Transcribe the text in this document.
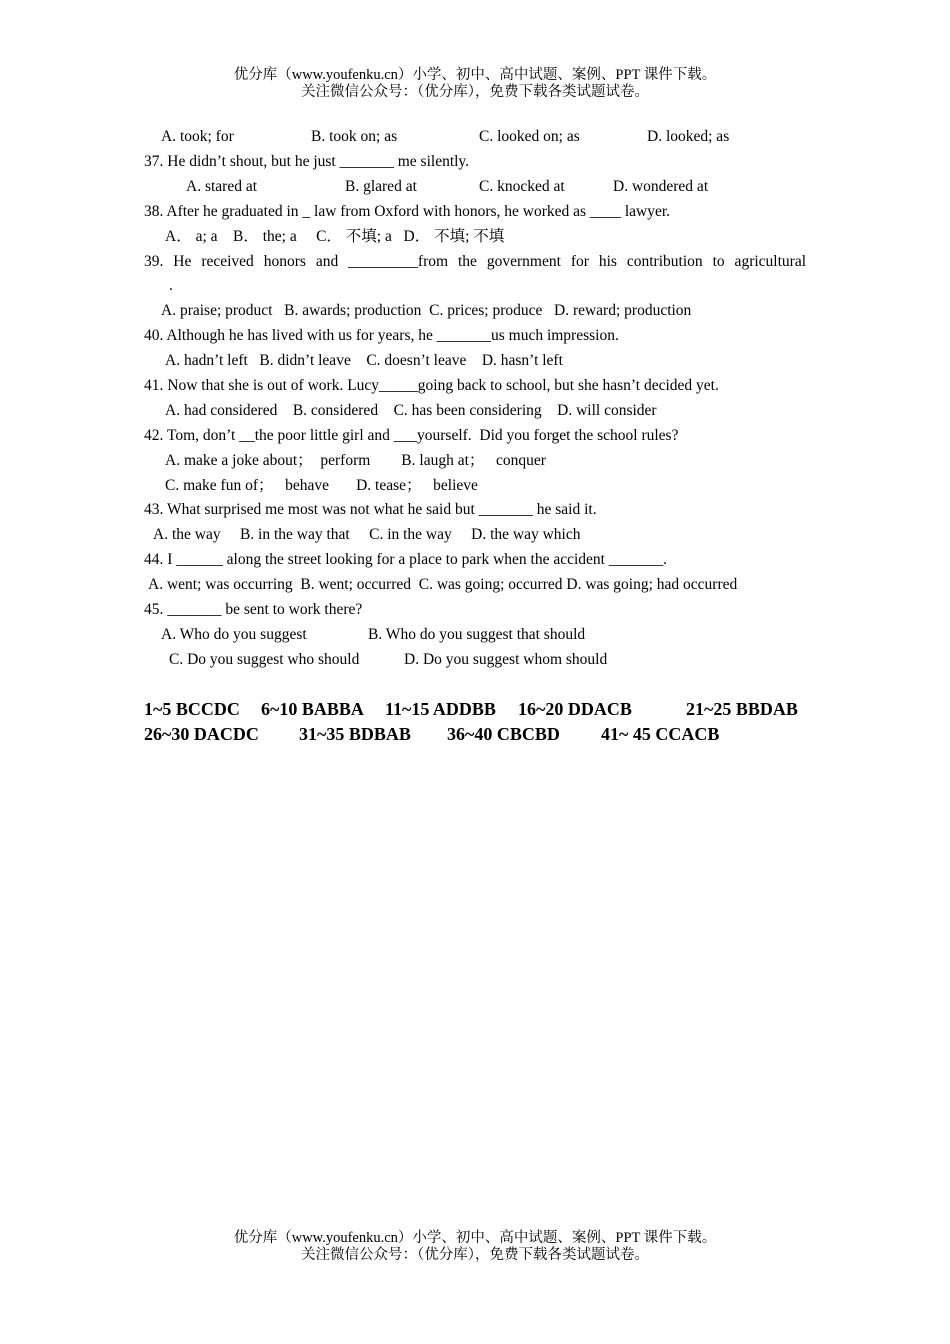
优分库（www.youfenku.cn）小学、初中、高中试题、案例、PPT 课件下载。
关注微信公众号：（优分库），免费下载各类试题试卷。
A. took; for	B. took on; as	C. looked on; as	D. looked; as
37. He didn’t shout, but he just _______ me silently.
A. stared at	B. glared at	C. knocked at	D. wondered at
38. After he graduated in _ law from Oxford with honors, he worked as ____ lawyer.
A． a; a    B． the; a     C． 不填; a   D． 不填; 不填
39. He received honors and _________from the government for his contribution to agricultural
.
A. praise; product   B. awards; production  C. prices; produce   D. reward; production
40. Although he has lived with us for years, he _______us much impression.
A. hadn’t left   B. didn’t leave    C. doesn’t leave    D. hasn’t left
41. Now that she is out of work. Lucy_____going back to school, but she hasn’t decided yet.
A. had considered    B. considered    C. has been considering    D. will consider
42. Tom, don’t __the poor little girl and ___yourself.  Did you forget the school rules?
A. make a joke about；  perform        B. laugh at；   conquer
C. make fun of；   behave       D. tease；   believe
43. What surprised me most was not what he said but _______ he said it.
A. the way     B. in the way that     C. in the way     D. the way which
44. I ______ along the street looking for a place to park when the accident _______.
A. went; was occurring  B. went; occurred  C. was going; occurred D. was going; had occurred
45. _______ be sent to work there?
A. Who do you suggest	B. Who do you suggest that should
C. Do you suggest who should	D. Do you suggest whom should
1~5 BCCDC 6~10 BABBA 11~15 ADDBB 16~20 DDACB	21~25 BBDAB
26~30 DACDC 31~35 BDBAB 36~40 CBCBD 41~ 45 CCACB
优分库（www.youfenku.cn）小学、初中、高中试题、案例、PPT 课件下载。
关注微信公众号：（优分库），免费下载各类试题试卷。
